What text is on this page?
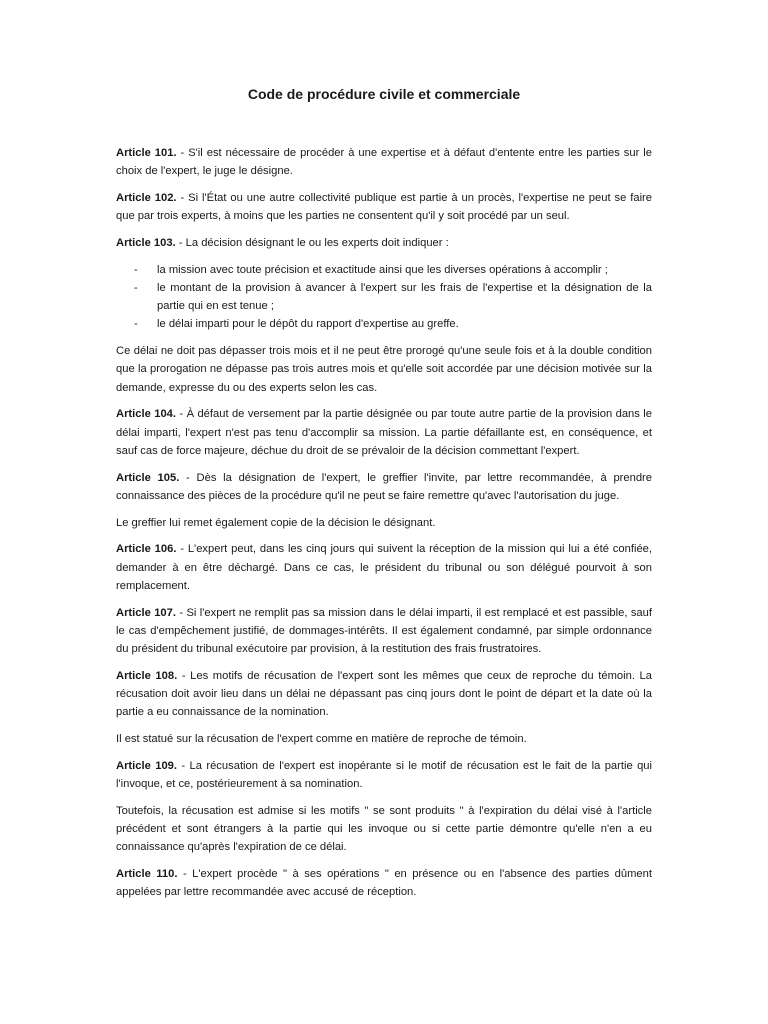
Code de procédure civile et commerciale

Article 101. - S'il est nécessaire de procéder à une expertise et à défaut d'entente entre les parties sur le choix de l'expert, le juge le désigne.

Article 102. - Si l'État ou une autre collectivité publique est partie à un procès, l'expertise ne peut se faire que par trois experts, à moins que les parties ne consentent qu'il y soit procédé par un seul.

Article 103. - La décision désignant le ou les experts doit indiquer :

- la mission avec toute précision et exactitude ainsi que les diverses opérations à accomplir ;
- le montant de la provision à avancer à l'expert sur les frais de l'expertise et la désignation de la partie qui en est tenue ;
- le délai imparti pour le dépôt du rapport d'expertise au greffe.

Ce délai ne doit pas dépasser trois mois et il ne peut être prorogé qu'une seule fois et à la double condition que la prorogation ne dépasse pas trois autres mois et qu'elle soit accordée par une décision motivée sur la demande, expresse du ou des experts selon les cas.

Article 104. - À défaut de versement par la partie désignée ou par toute autre partie de la provision dans le délai imparti, l'expert n'est pas tenu d'accomplir sa mission. La partie défaillante est, en conséquence, et sauf cas de force majeure, déchue du droit de se prévaloir de la décision commettant l'expert.

Article 105. - Dès la désignation de l'expert, le greffier l'invite, par lettre recommandée, à prendre connaissance des pièces de la procédure qu'il ne peut se faire remettre qu'avec l'autorisation du juge.

Le greffier lui remet également copie de la décision le désignant.

Article 106. - L'expert peut, dans les cinq jours qui suivent la réception de la mission qui lui a été confiée, demander à en être déchargé. Dans ce cas, le président du tribunal ou son délégué pourvoit à son remplacement.

Article 107. - Si l'expert ne remplit pas sa mission dans le délai imparti, il est remplacé et est passible, sauf le cas d'empêchement justifié, de dommages-intérêts. Il est également condamné, par simple ordonnance du président du tribunal exécutoire par provision, à la restitution des frais frustratoires.

Article 108. - Les motifs de récusation de l'expert sont les mêmes que ceux de reproche du témoin. La récusation doit avoir lieu dans un délai ne dépassant pas cinq jours dont le point de départ et la date où la partie a eu connaissance de la nomination.

Il est statué sur la récusation de l'expert comme en matière de reproche de témoin.

Article 109. - La récusation de l'expert est inopérante si le motif de récusation est le fait de la partie qui l'invoque, et ce, postérieurement à sa nomination.

Toutefois, la récusation est admise si les motifs " se sont produits " à l'expiration du délai visé à l'article précédent et sont étrangers à la partie qui les invoque ou si cette partie démontre qu'elle n'en a eu connaissance qu'après l'expiration de ce délai.

Article 110. - L'expert procède " à ses opérations " en présence ou en l'absence des parties dûment appelées par lettre recommandée avec accusé de réception.
